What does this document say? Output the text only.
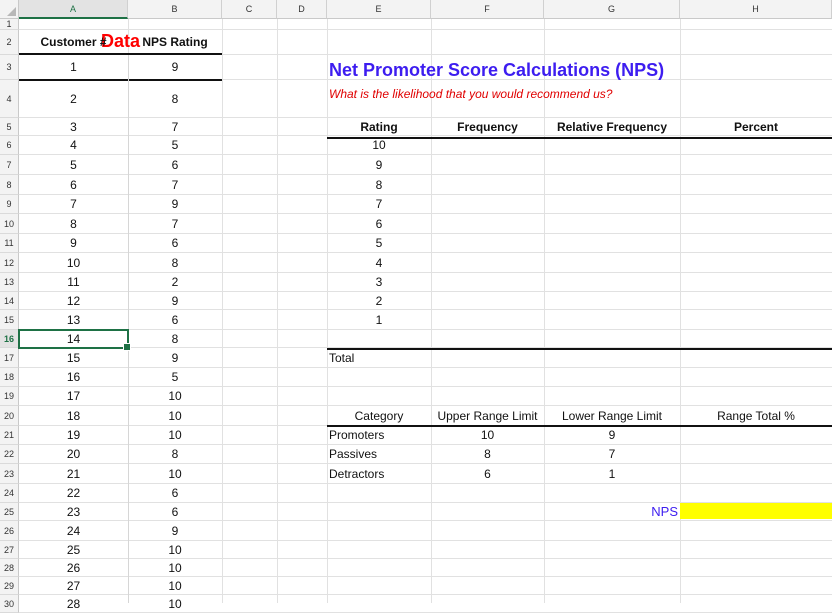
A	B	C	D	E	F	G	H
1
2
3
4
5
6
7
8
9
10
11
12
13
14
15
16
17
18
19
20
21
22
23
24
25
26
27
28
29
30
Data
Customer #	NPS Rating
1	9
2	8
3	7
4	5
5	6
6	7
7	9
8	7
9	6
10	8
11	2
12	9
13	6
14	8
15	9
16	5
17	10
18	10
19	10
20	8
21	10
22	6
23	6
24	9
25	10
26	10
27	10
28	10
Net Promoter Score Calculations (NPS)
What is the likelihood that you would recommend us?
Rating	Frequency	Relative Frequency	Percent
10
9
8
7
6
5
4
3
2
1
Total
Category	Upper Range Limit	Lower Range Limit	Range Total %
Promoters	10	9
Passives	8	7
Detractors	6	1
NPS
